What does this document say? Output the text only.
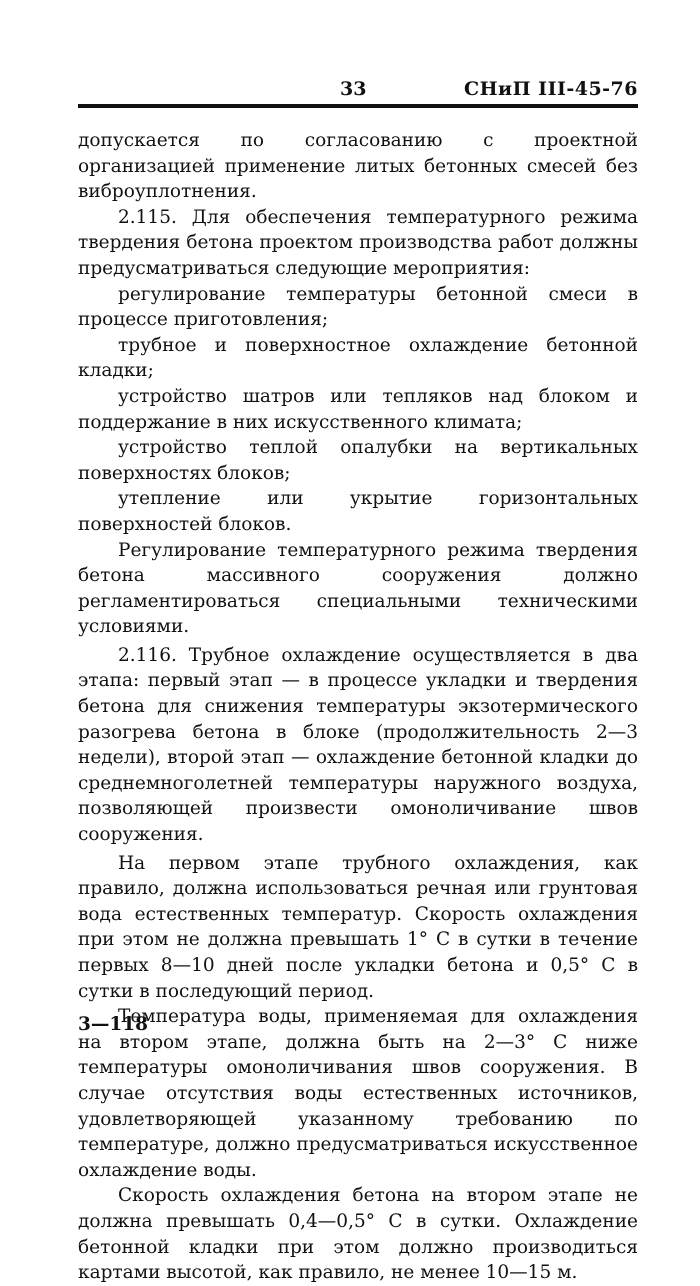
33	СНиП III-45-76

допускается по согласованию с проектной организацией применение литых бетонных смесей без виброуплотнения.

2.115. Для обеспечения температурного режима твердения бетона проектом производства работ должны предусматриваться следующие мероприятия:

регулирование температуры бетонной смеси в процессе приготовления;

трубное и поверхностное охлаждение бетонной кладки;

устройство шатров или тепляков над блоком и поддержание в них искусственного климата;

устройство теплой опалубки на вертикальных поверхностях блоков;

утепление или укрытие горизонтальных поверхностей блоков.

Регулирование температурного режима твердения бетона массивного сооружения должно регламентироваться специальными техническими условиями.

2.116. Трубное охлаждение осуществляется в два этапа: первый этап — в процессе укладки и твердения бетона для снижения температуры экзотермического разогрева бетона в блоке (продолжительность 2—3 недели), второй этап — охлаждение бетонной кладки до среднемноголетней температуры наружного воздуха, позволяющей произвести омоноличивание швов сооружения.

На первом этапе трубного охлаждения, как правило, должна использоваться речная или грунтовая вода естественных температур. Скорость охлаждения при этом не должна превышать 1° С в сутки в течение первых 8—10 дней после укладки бетона и 0,5° С в сутки в последующий период.

Температура воды, применяемая для охлаждения на втором этапе, должна быть на 2—3° С ниже температуры омоноличивания швов сооружения. В случае отсутствия воды естественных источников, удовлетворяющей указанному требованию по температуре, должно предусматриваться искусственное охлаждение воды.

Скорость охлаждения бетона на втором этапе не должна превышать 0,4—0,5° С в сутки. Охлаждение бетонной кладки при этом должно производиться картами высотой, как правило, не менее 10—15 м.

3—118
